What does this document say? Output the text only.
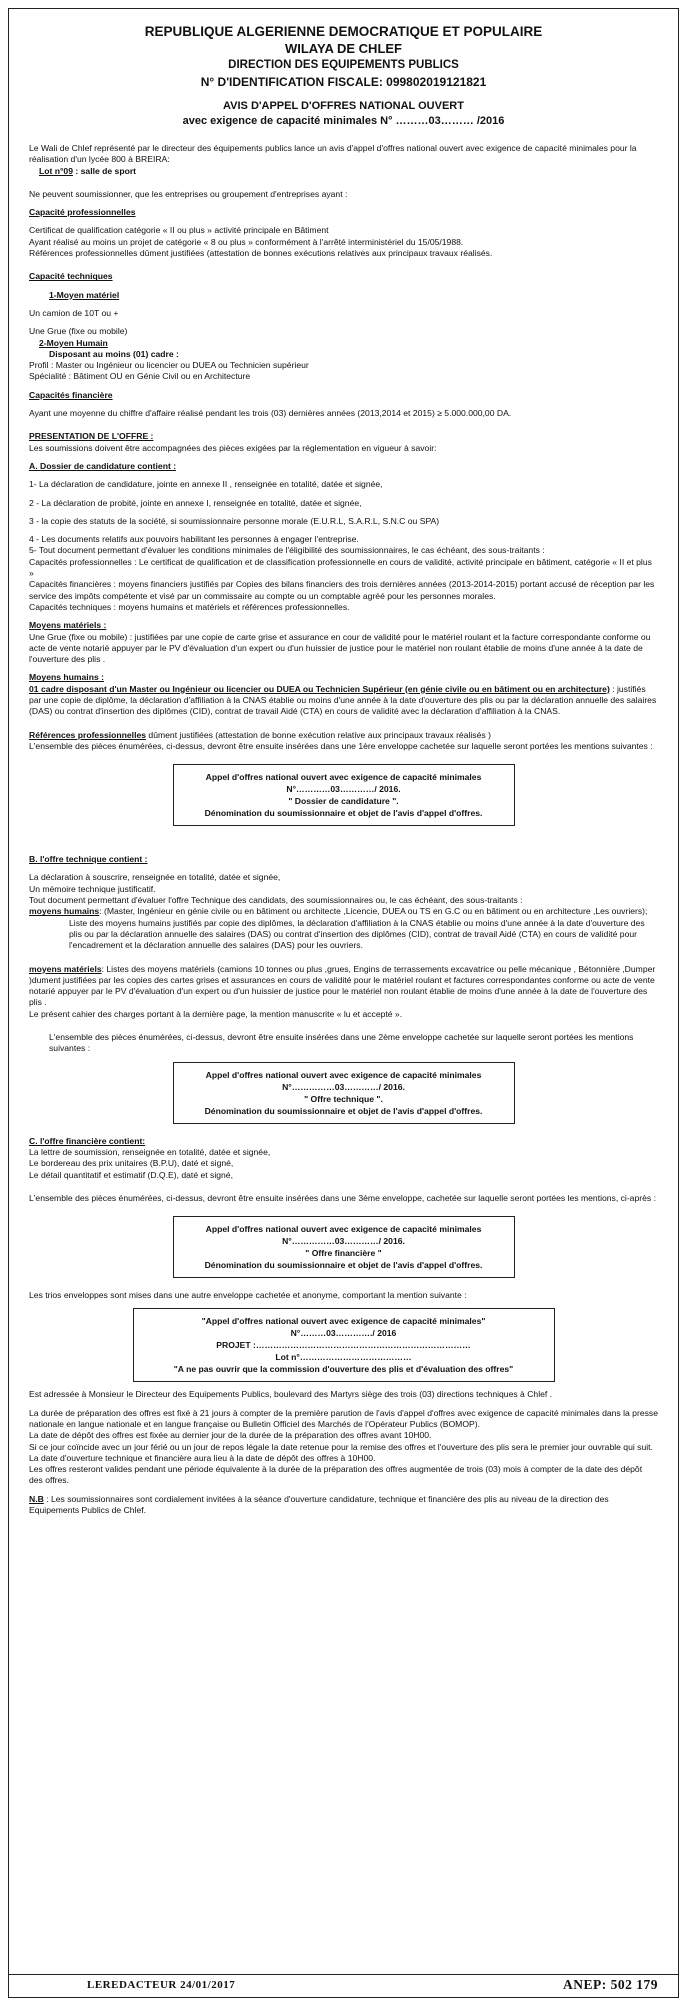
REPUBLIQUE ALGERIENNE DEMOCRATIQUE ET POPULAIRE
WILAYA DE CHLEF
DIRECTION DES EQUIPEMENTS PUBLICS
N° D'IDENTIFICATION FISCALE: 099802019121821
AVIS D'APPEL D'OFFRES NATIONAL OUVERT
avec exigence de capacité minimales N° ………03……… /2016

Le Wali de Chlef représenté par le directeur des équipements publics lance un avis d'appel d'offres national ouvert avec exigence de capacité minimales pour la réalisation d'un lycée 800 à BREIRA:

Lot n°09 : salle de sport

Ne peuvent soumissionner, que les entreprises ou groupement d'entreprises ayant :

Capacité professionnelles

Certificat de qualification catégorie « II ou plus » activité principale en Bâtiment

Ayant réalisé au moins un projet de catégorie « 8 ou plus » conformément à l'arrêté interministériel du 15/05/1988.

Références professionnelles dûment justifiées (attestation de bonnes exécutions relatives aux principaux travaux réalisés.

Capacité techniques

1-Moyen matériel

Un camion de 10T ou +

Une Grue (fixe ou mobile)

2-Moyen Humain

Disposant au moins (01) cadre :

Profil : Master ou Ingénieur ou licencier ou DUEA ou Technicien supérieur

Spécialité : Bâtiment OU en Génie Civil ou en Architecture

Capacités financière

Ayant une moyenne du chiffre d'affaire réalisé pendant les trois (03) dernières années (2013,2014 et 2015) ≥ 5.000.000,00 DA.

PRESENTATION DE L'OFFRE :

Les soumissions doivent être accompagnées des pièces exigées par la réglementation en vigueur à savoir:

A. Dossier de candidature contient :

1- La déclaration de candidature, jointe en annexe II , renseignée en totalité, datée et signée,

2 - La déclaration de probité, jointe en annexe I, renseignée en totalité, datée et signée,

3 - la copie des statuts de la société, si soumissionnaire personne morale (E.U.R.L, S.A.R.L, S.N.C ou SPA)

4 - Les documents relatifs aux pouvoirs habilitant les personnes à engager l'entreprise.

5- Tout document permettant d'évaluer les conditions minimales de l'éligibilité des soumissionnaires, le cas échéant, des sous-traitants :

Capacités professionnelles : Le certificat de qualification et de classification professionnelle en cours de validité, activité principale en bâtiment, catégorie « II et plus »

Capacités financières : moyens financiers justifiés par Copies des bilans financiers des trois dernières années (2013-2014-2015) portant accusé de réception par les service des impôts compétente et visé par un commissaire au compte ou un comptable agréé pour les personnes morales.

Capacités techniques : moyens humains et matériels et références professionnelles.

Moyens matériels :

Une Grue (fixe ou mobile) : justifiées par une copie de carte grise et assurance en cour de validité pour le matériel roulant et la facture correspondante conforme ou acte de vente notarié appuyer par le PV d'évaluation d'un expert ou d'un huissier de justice pour le matériel non roulant établie de moins d'une année à la date de l'ouverture des plis .

Moyens humains :

01 cadre disposant d'un Master ou Ingénieur ou licencier ou DUEA ou Technicien Supérieur (en génie civile ou en bâtiment ou en architecture) : justifiés par une copie de diplôme, la déclaration d'affiliation à la CNAS établie ou moins d'une année à la date d'ouverture des plis ou par la déclaration annuelle des salaires (DAS) ou contrat d'insertion des diplômes (CID), contrat de travail Aidé (CTA) en cours de validité avec la déclaration d'affiliation à la CNAS.

Références professionnelles dûment justifiées (attestation de bonne exécution relative aux principaux travaux réalisés )

L'ensemble des pièces énumérées, ci-dessus, devront être ensuite insérées dans une 1ère enveloppe cachetée sur laquelle seront portées les mentions suivantes :

Appel d'offres national ouvert avec exigence de capacité minimales
N°…………03…………/ 2016.
" Dossier de candidature ".
Dénomination du soumissionnaire et objet de l'avis d'appel d'offres.

B. l'offre technique contient :

La déclaration à souscrire, renseignée en totalité, datée et signée,

Un mémoire technique justificatif.

Tout document permettant d'évaluer l'offre Technique des candidats, des soumissionnaires ou, le cas échéant, des sous-traitants :

moyens humains: (Master, Ingénieur en génie civile ou en bâtiment ou architecte ,Licencie, DUEA ou TS en G.C ou en bâtiment ou en architecture ,Les ouvriers);

Liste des moyens humains justifiés par copie des diplômes, la déclaration d'affiliation à la CNAS établie ou moins d'une année à la date d'ouverture des plis ou par la déclaration annuelle des salaires (DAS) ou contrat d'insertion des diplômes (CID), contrat de travail Aidé (CTA) en cours de validité pour l'encadrement et la déclaration annuelle des salaires (DAS) pour les ouvriers.

moyens matériels: Listes des moyens matériels (camions 10 tonnes ou plus ,grues, Engins de terrassements excavatrice ou pelle mécanique , Bétonnière ,Dumper )dument justifiées par les copies des cartes grises et assurances en cours de validité pour le matériel roulant et factures correspondantes conforme ou acte de vente notarié appuyer par le PV d'évaluation d'un expert ou d'un huissier de justice pour le matériel non roulant établie de moins d'une année à la date de l'ouverture des plis .

Le présent cahier des charges portant à la dernière page, la mention manuscrite « lu et accepté ».

L'ensemble des pièces énumérées, ci-dessus, devront être ensuite insérées dans une 2ème enveloppe cachetée sur laquelle seront portées les mentions suivantes :

Appel d'offres national ouvert avec exigence de capacité minimales
N°……………03…………/ 2016.
" Offre technique ".
Dénomination du soumissionnaire et objet de l'avis d'appel d'offres.

C. l'offre financière contient:

La lettre de soumission, renseignée en totalité, datée et signée,

Le bordereau des prix unitaires (B.P.U), daté et signé,

Le détail quantitatif et estimatif (D.Q.E), daté et signé,

L'ensemble des pièces énumérées, ci-dessus, devront être ensuite insérées dans une 3ème enveloppe, cachetée sur laquelle seront portées les mentions, ci-après :

Appel d'offres national ouvert avec exigence de capacité minimales
N°……………03…………/ 2016.
" Offre financière "
Dénomination du soumissionnaire et objet de l'avis d'appel d'offres.

Les trios enveloppes sont mises dans une autre enveloppe cachetée et anonyme, comportant la mention suivante :

"Appel d'offres national ouvert avec exigence de capacité minimales"
N°………03…………./ 2016
PROJET :…………………………………………………………………
Lot n°…………………………………
"A ne pas ouvrir que la commission d'ouverture des plis et d'évaluation des offres"

Est adressée à Monsieur le Directeur des Equipements Publics, boulevard des Martyrs siège des trois (03) directions techniques à Chlef .

La durée de préparation des offres est fixé à 21 jours à compter de la première parution de l'avis d'appel d'offres avec exigence de capacité minimales dans la presse nationale en langue nationale et en langue française ou Bulletin Officiel des Marchés de l'Opérateur Publics (BOMOP).

La date de dépôt des offres est fixée au dernier jour de la durée de la préparation des offres avant 10H00.

Si ce jour coïncide avec un jour férié ou un jour de repos légale la date retenue pour la remise des offres et l'ouverture des plis sera le premier jour ouvrable qui suit.

La date d'ouverture technique et financière aura lieu à la date de dépôt des offres à 10H00.

Les offres resteront valides pendant une période équivalente à la durée de la préparation des offres augmentée de trois (03) mois à compter de la date des dépôt des offres.

N.B : Les soumissionnaires sont cordialement invitées à la séance d'ouverture candidature, technique et financière des plis au niveau de la direction des Equipements Publics de Chlef.

LEREDACTEUR 24/01/2017	ANEP: 502 179
